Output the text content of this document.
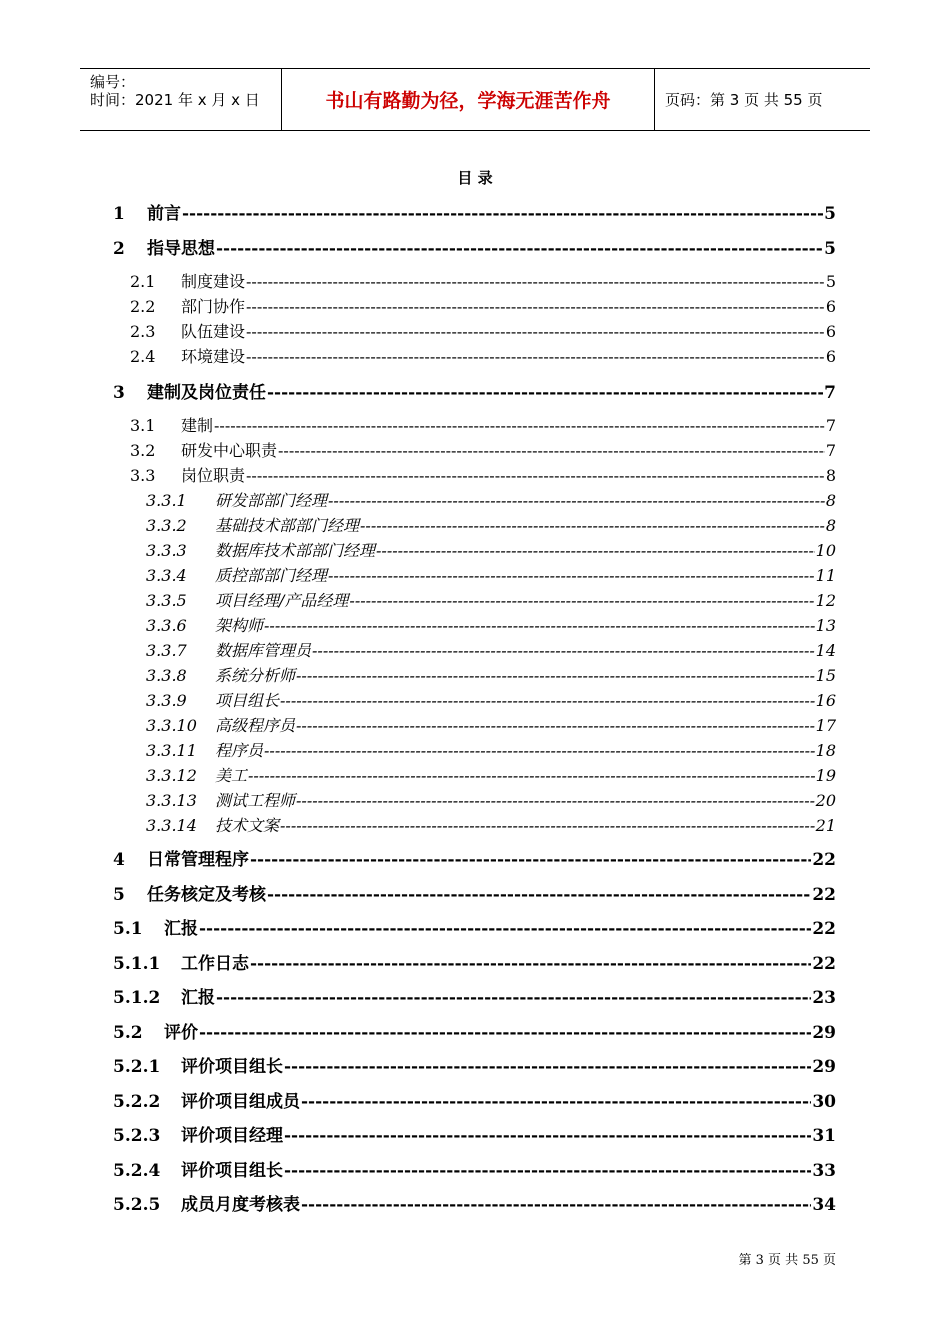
编号：
时间：2021 年 x 月 x 日	书山有路勤为径，学海无涯苦作舟	页码：第 3 页 共 55 页
目 录
1	前言 -----	5
2	指导思想 -----	5
2.1	制度建设 -----	5
2.2	部门协作 -----	6
2.3	队伍建设 -----	6
2.4	环境建设 -----	6
3	建制及岗位责任 -----	7
3.1	建制 -----	7
3.2	研发中心职责 -----	7
3.3	岗位职责 -----	8
3.3.1	研发部部门经理 -----	8
3.3.2	基础技术部部门经理 -----	8
3.3.3	数据库技术部部门经理 -----	10
3.3.4	质控部部门经理 -----	11
3.3.5	项目经理/产品经理 -----	12
3.3.6	架构师 -----	13
3.3.7	数据库管理员 -----	14
3.3.8	系统分析师 -----	15
3.3.9	项目组长 -----	16
3.3.10	高级程序员 -----	17
3.3.11	程序员 -----	18
3.3.12	美工 -----	19
3.3.13	测试工程师 -----	20
3.3.14	技术文案 -----	21
4	日常管理程序 -----	22
5	任务核定及考核 -----	22
5.1	汇报 -----	22
5.1.1	工作日志 -----	22
5.1.2	汇报 -----	23
5.2	评价 -----	29
5.2.1	评价项目组长 -----	29
5.2.2	评价项目组成员 -----	30
5.2.3	评价项目经理 -----	31
5.2.4	评价项目组长 -----	33
5.2.5	成员月度考核表 -----	34
第 3 页 共 55 页
